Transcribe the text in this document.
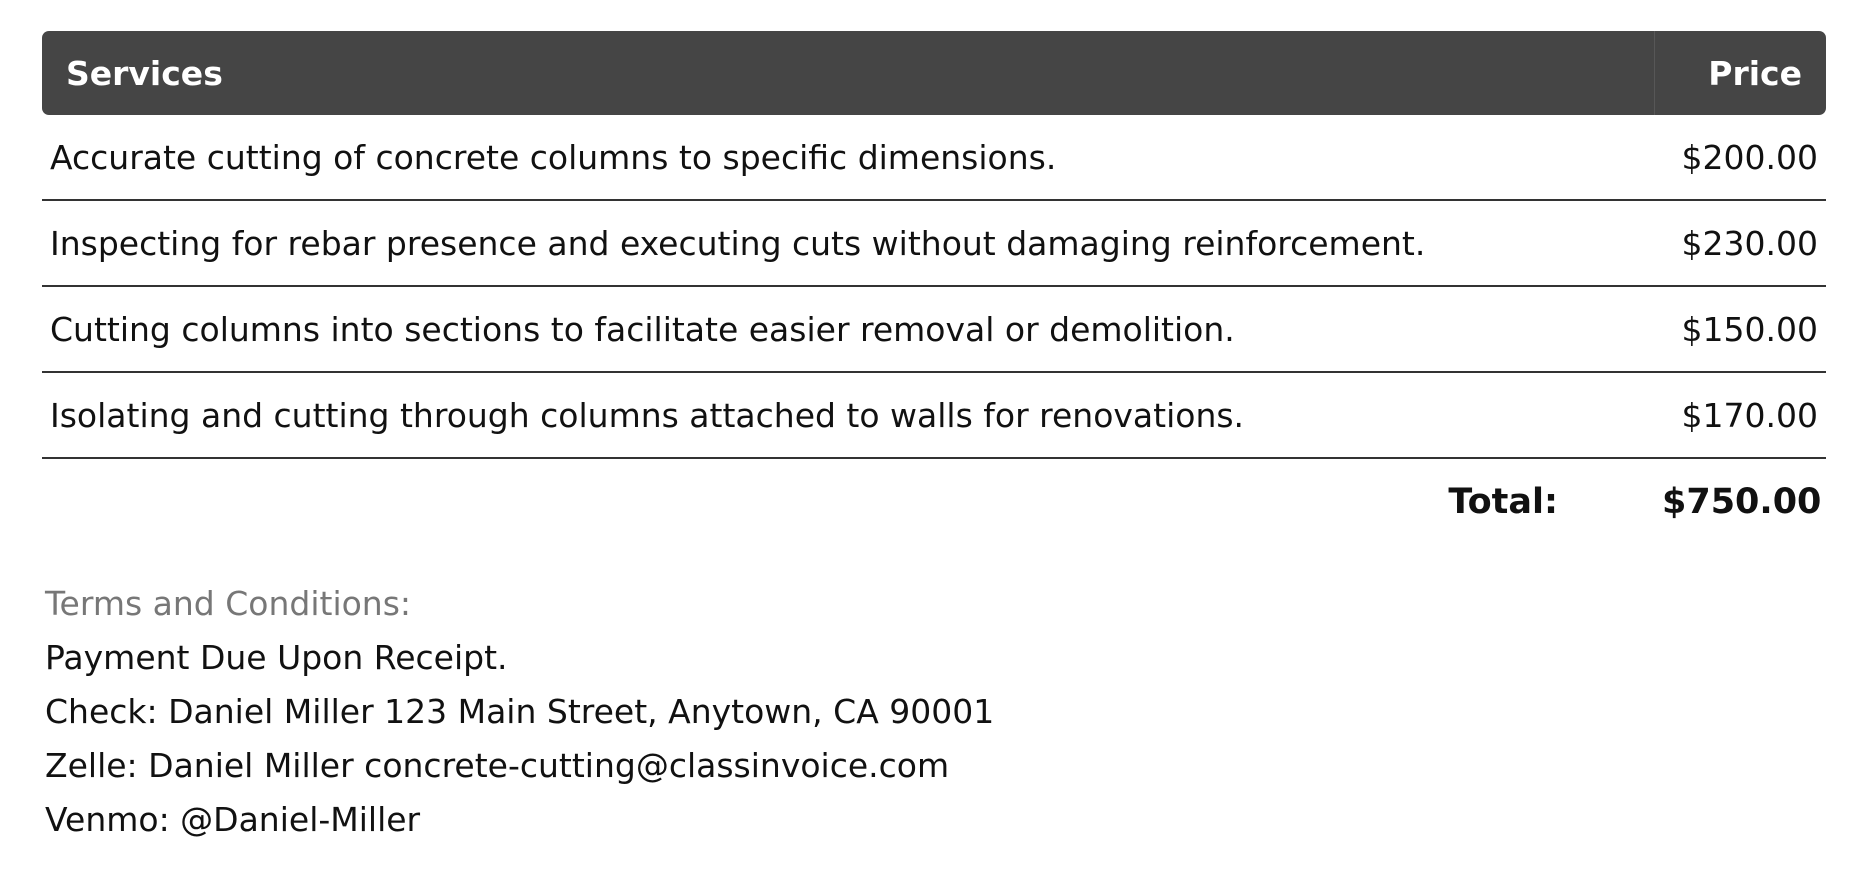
Services	Price
Accurate cutting of concrete columns to specific dimensions.	$200.00
Inspecting for rebar presence and executing cuts without damaging reinforcement.	$230.00
Cutting columns into sections to facilitate easier removal or demolition.	$150.00
Isolating and cutting through columns attached to walls for renovations.	$170.00
Total:	$750.00
Terms and Conditions:
Payment Due Upon Receipt.
Check: Daniel Miller 123 Main Street, Anytown, CA 90001
Zelle: Daniel Miller concrete-cutting@classinvoice.com
Venmo: @Daniel-Miller
